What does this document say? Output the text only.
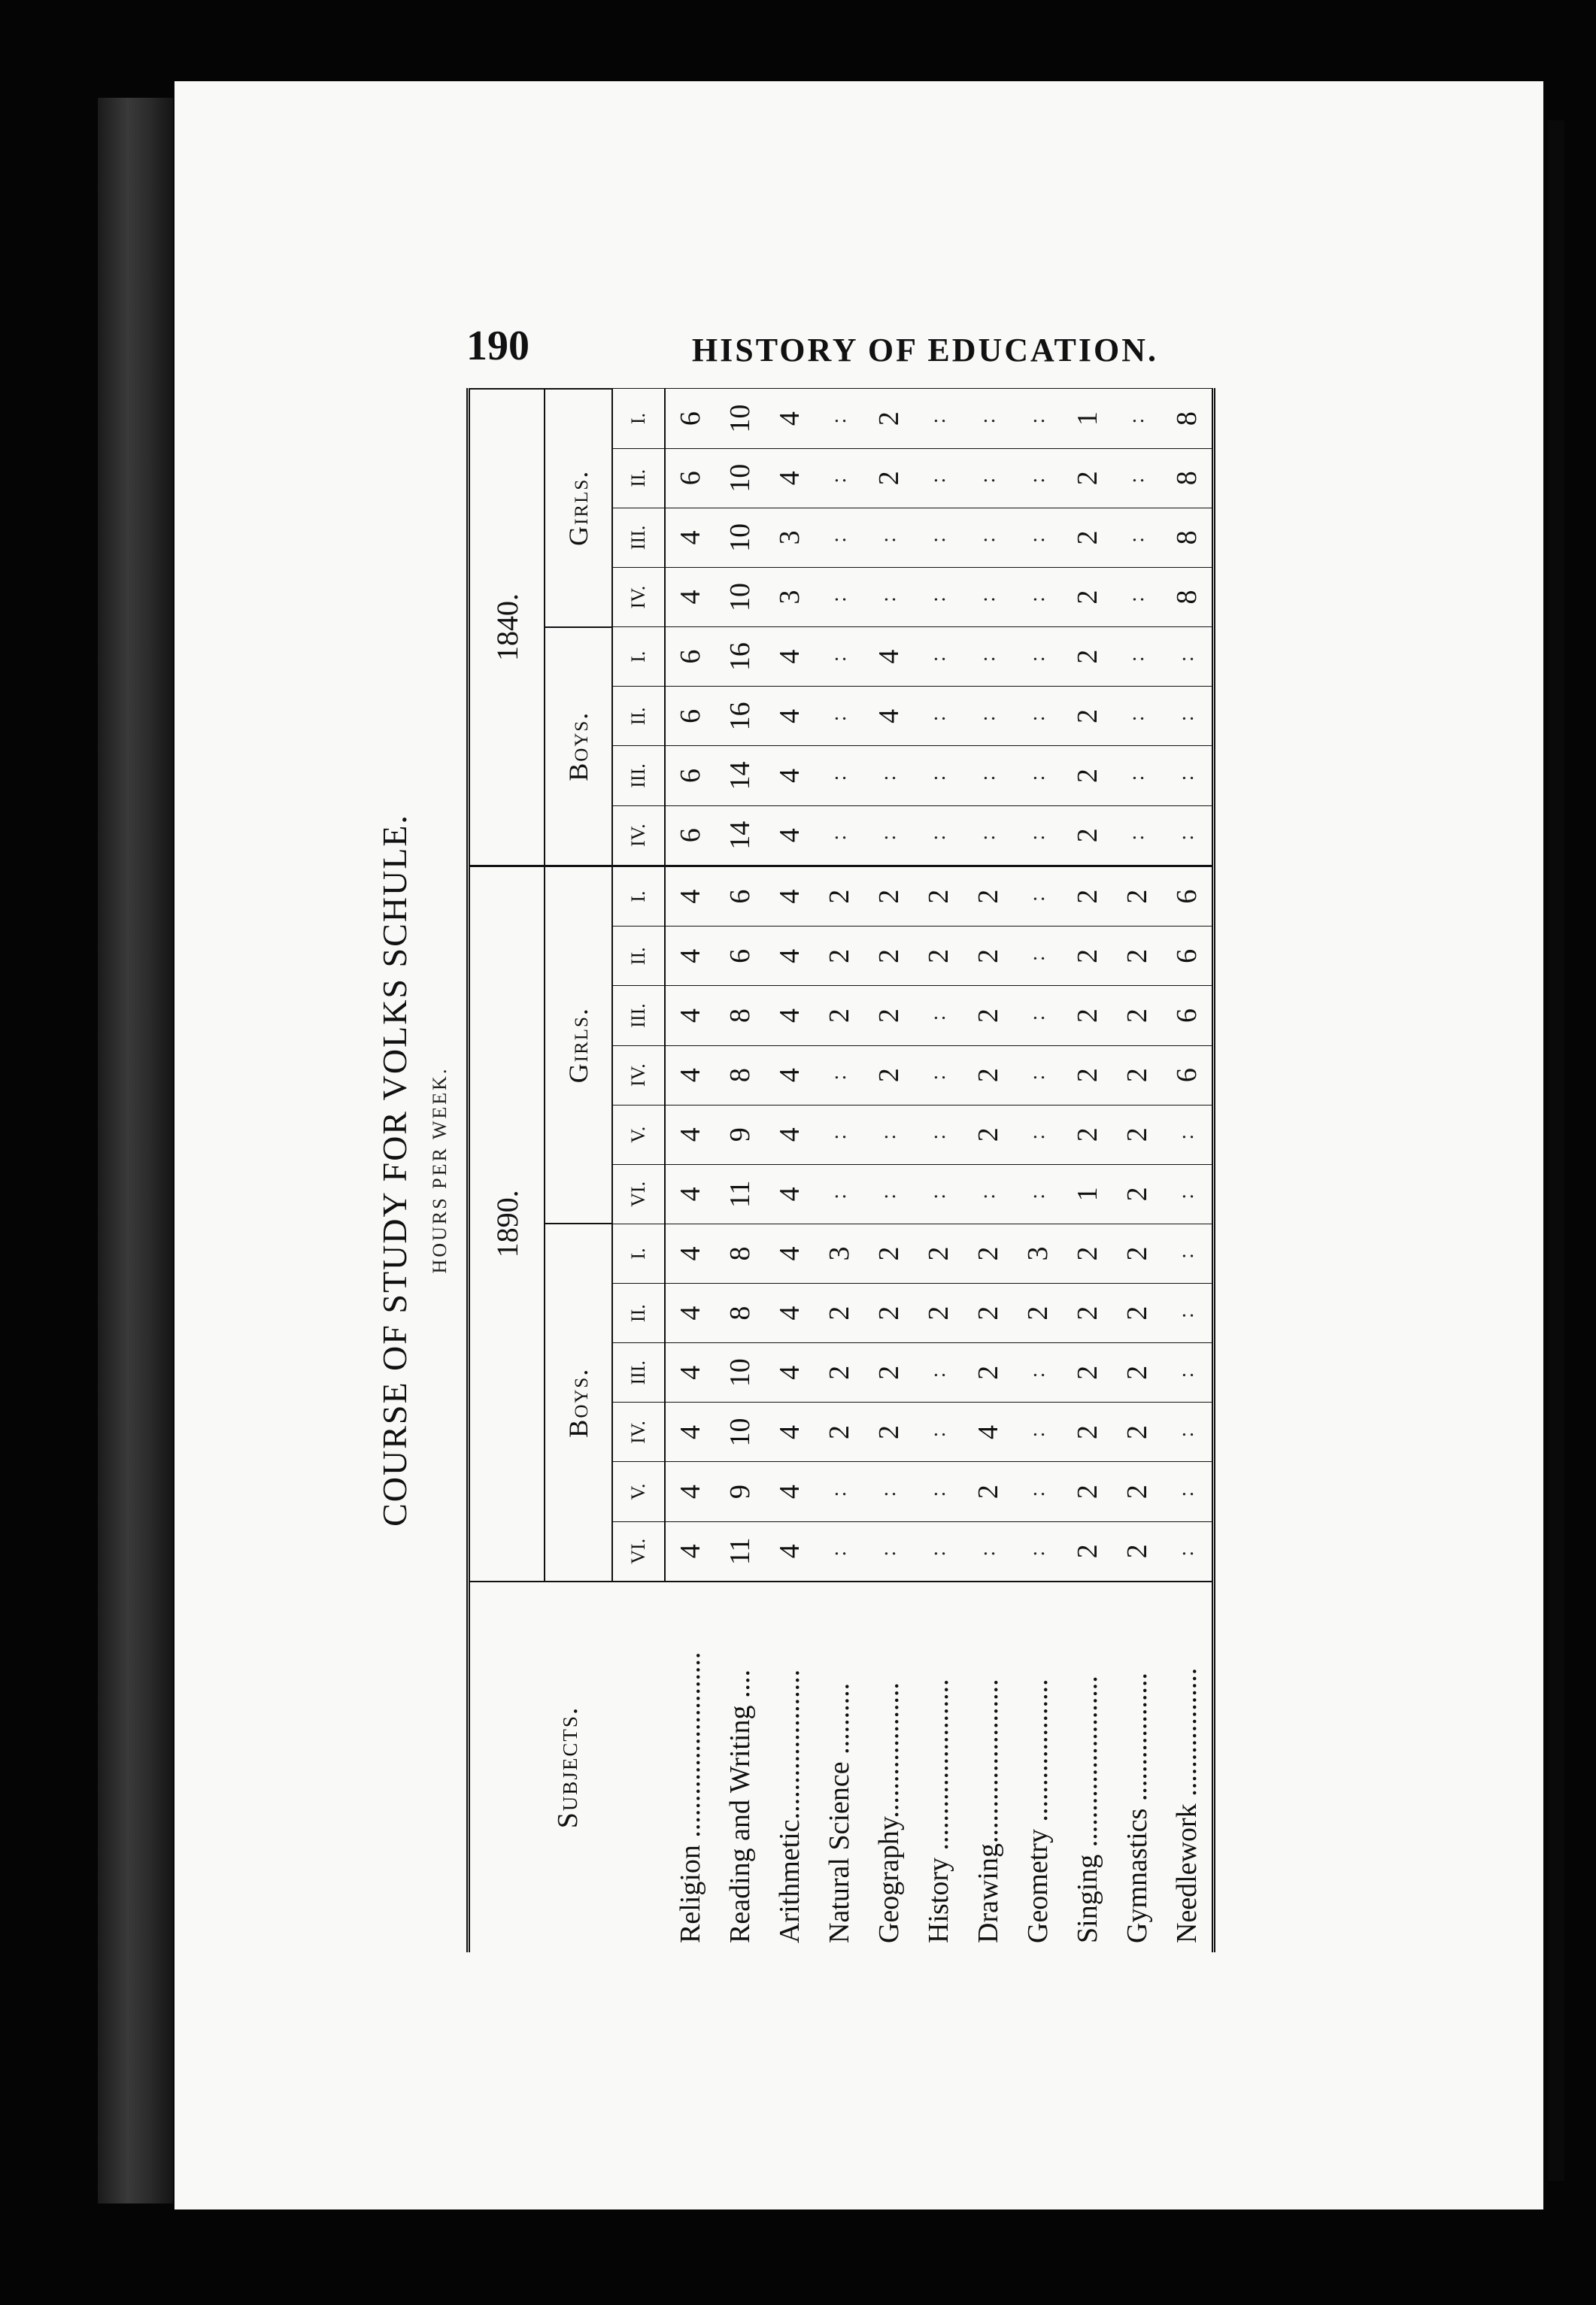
190	HISTORY OF EDUCATION.
COURSE OF STUDY FOR VOLKS SCHULE. HOURS PER WEEK.
Subjects.	1890.												1840.							
	Boys.						Girls.						Boys.				Girls.			
	VI.	V.	IV.	III.	II.	I.	VI.	V.	IV.	III.	II.	I.	IV.	III.	II.	I.	IV.	III.	II.	I.
Religion ..........................	4	4	4	4	4	4	4	4	4	4	4	4	6	6	6	6	4	4	6	6
Reading and Writing ....	11	9	10	10	8	8	11	9	8	8	6	6	14	14	16	16	10	10	10	10
Arithmetic.....................	4	4	4	4	4	4	4	4	4	4	4	4	4	4	4	4	3	3	4	4
Natural Science ..........	:	:	2	2	2	3	:	:	:	2	2	2	:	:	:	:	:	:	:	:
Geography...................	:	:	2	2	2	2	:	:	2	2	2	2	:	:	4	4	:	:	2	2
History ........................	:	:	:	:	2	2	:	:	:	:	2	2	:	:	:	:	:	:	:	:
Drawing.......................	:	2	4	2	2	2	:	2	2	2	2	2	:	:	:	:	:	:	:	:
Geometry ....................	:	:	:	:	2	3	:	:	:	:	:	:	:	:	:	:	:	:	:	:
Singing ........................	2	2	2	2	2	2	1	2	2	2	2	2	2	2	2	2	2	2	2	1
Gymnastics ..................	2	2	2	2	2	2	2	2	2	2	2	2	:	:	:	:	:	:	:	:
Needlework ..................	:	:	:	:	:	:	:	:	6	6	6	6	:	:	:	:	8	8	8	8
